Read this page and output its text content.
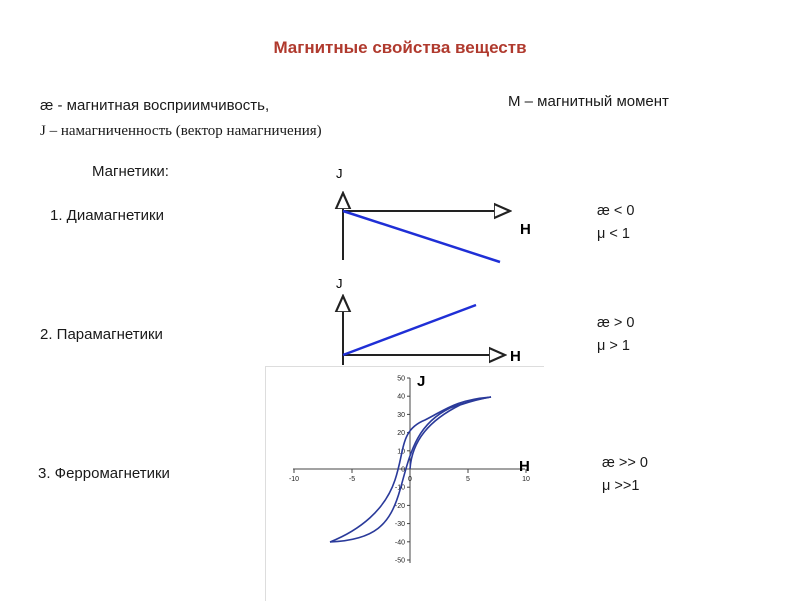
Магнитные свойства веществ
æ - магнитная восприимчивость,
J – намагниченность (вектор намагничения)
М – магнитный момент
Магнетики:
1. Диамагнетики
2. Парамагнетики
3. Ферромагнетики
æ < 0
μ < 1
æ > 0
μ > 1
æ >> 0
μ >>1
J
H
J
H
-10	-5	0	5	10
50
40
30
20
10
0
-10
-20
-30
-40
-50
J
H
